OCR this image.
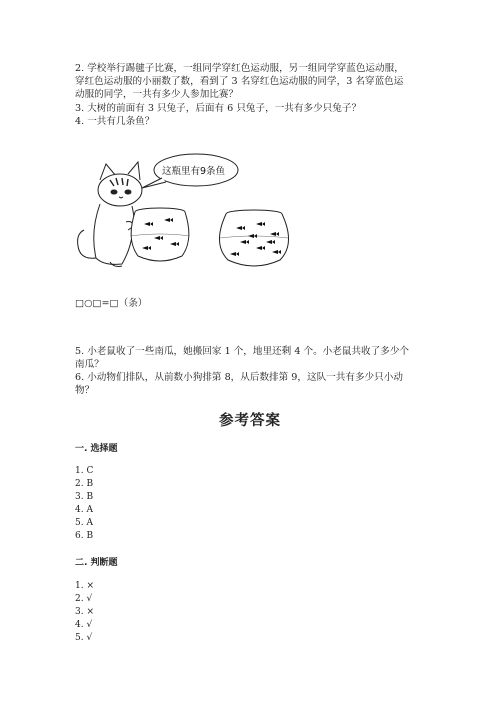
2. 学校举行踢毽子比赛，一组同学穿红色运动服，另一组同学穿蓝色运动服，
穿红色运动服的小丽数了数，看到了 3 名穿红色运动服的同学，3 名穿蓝色运
动服的同学，一共有多少人参加比赛？
3. 大树的前面有 3 只兔子，后面有 6 只兔子，一共有多少只兔子？
4. 一共有几条鱼？
这瓶里有9条鱼
□○□=□（条）
5. 小老鼠收了一些南瓜，她搬回家 1 个，地里还剩 4 个。小老鼠共收了多少个
南瓜？
6. 小动物们排队，从前数小狗排第 8，从后数排第 9，这队一共有多少只小动
物？
参考答案
一. 选择题
1. C
2. B
3. B
4. A
5. A
6. B
二. 判断题
1. ×
2. √
3. ×
4. √
5. √
